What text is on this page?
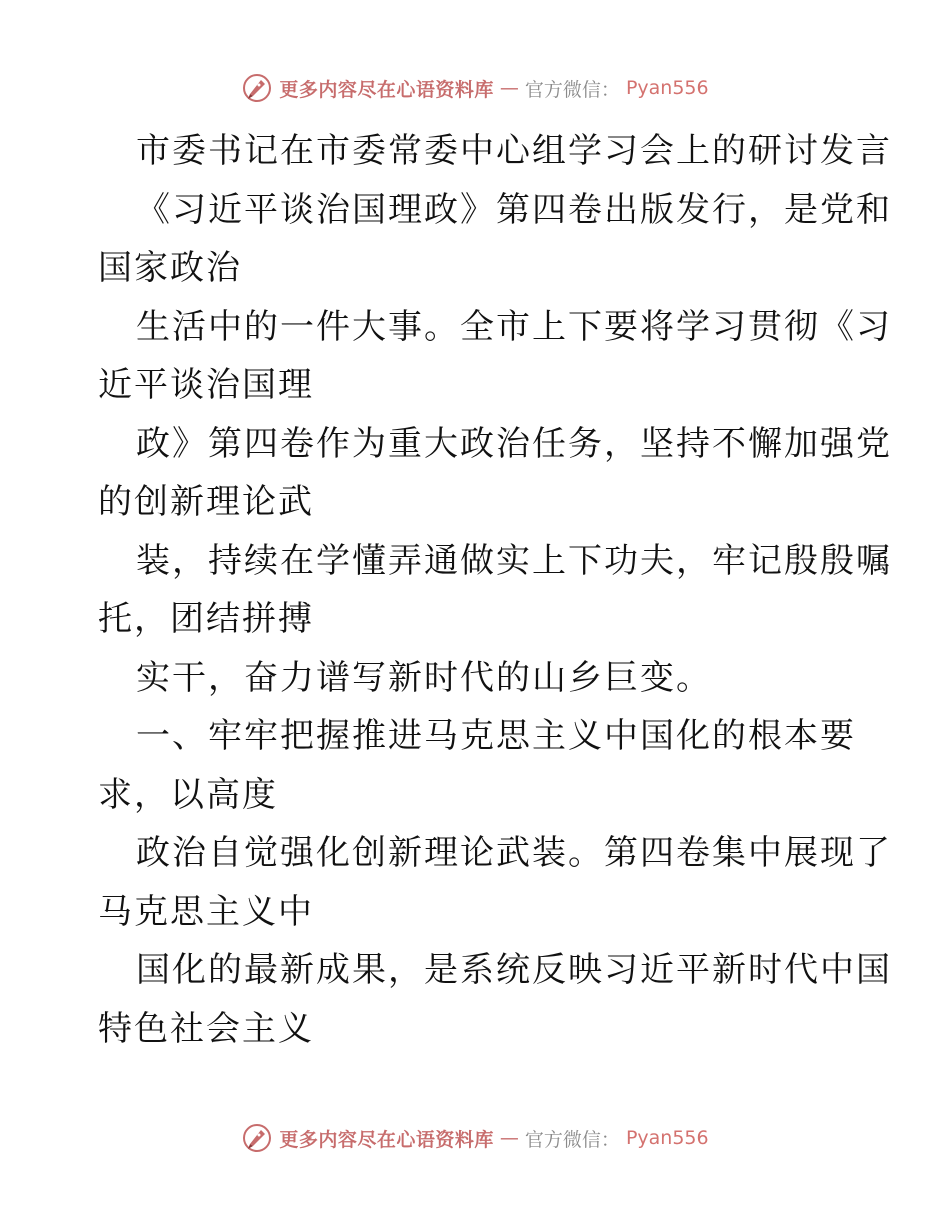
更多内容尽在心语资料库 — 官方微信： Pyan556
市委书记在市委常委中心组学习会上的研讨发言
《习近平谈治国理政》第四卷出版发行，是党和
国家政治
生活中的一件大事。全市上下要将学习贯彻《习
近平谈治国理
政》第四卷作为重大政治任务，坚持不懈加强党
的创新理论武
装，持续在学懂弄通做实上下功夫，牢记殷殷嘱
托，团结拼搏
实干，奋力谱写新时代的山乡巨变。
一、牢牢把握推进马克思主义中国化的根本要
求，以高度
政治自觉强化创新理论武装。第四卷集中展现了
马克思主义中
国化的最新成果，是系统反映习近平新时代中国
特色社会主义
更多内容尽在心语资料库 — 官方微信： Pyan556
